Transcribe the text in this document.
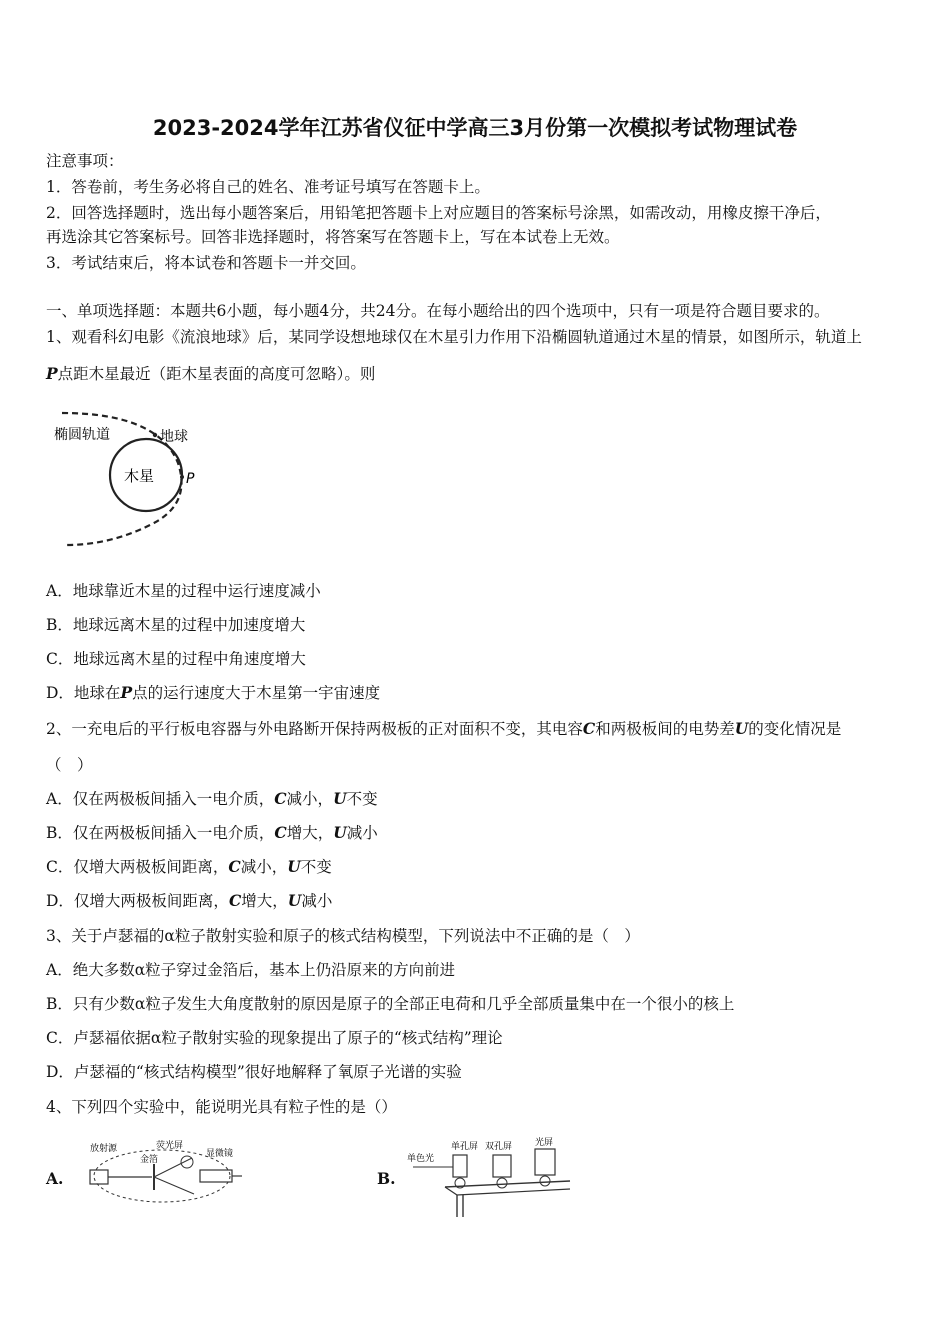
2023-2024学年江苏省仪征中学高三3月份第一次模拟考试物理试卷
注意事项：
1．答卷前，考生务必将自己的姓名、准考证号填写在答题卡上。
2．回答选择题时，选出每小题答案后，用铅笔把答题卡上对应题目的答案标号涂黑，如需改动，用橡皮擦干净后，
再选涂其它答案标号。回答非选择题时，将答案写在答题卡上，写在本试卷上无效。
3．考试结束后，将本试卷和答题卡一并交回。
一、单项选择题：本题共6小题，每小题4分，共24分。在每小题给出的四个选项中，只有一项是符合题目要求的。
1、观看科幻电影《流浪地球》后，某同学设想地球仅在木星引力作用下沿椭圆轨道通过木星的情景，如图所示，轨道上
P点距木星最近（距木星表面的高度可忽略）。则
木星
椭圆轨道	地球
P
A．地球靠近木星的过程中运行速度减小
B．地球远离木星的过程中加速度增大
C．地球远离木星的过程中角速度增大
D．地球在P点的运行速度大于木星第一宇宙速度
2、一充电后的平行板电容器与外电路断开保持两极板的正对面积不变，其电容C和两极板间的电势差U的变化情况是
（　）
A．仅在两极板间插入一电介质，C减小，U不变
B．仅在两极板间插入一电介质，C增大，U减小
C．仅增大两极板间距离，C减小，U不变
D．仅增大两极板间距离，C增大，U减小
3、关于卢瑟福的α粒子散射实验和原子的核式结构模型，下列说法中不正确的是（　）
A．绝大多数α粒子穿过金箔后，基本上仍沿原来的方向前进
B．只有少数α粒子发生大角度散射的原因是原子的全部正电荷和几乎全部质量集中在一个很小的核上
C．卢瑟福依据α粒子散射实验的现象提出了原子的“核式结构”理论
D．卢瑟福的“核式结构模型”很好地解释了氧原子光谱的实验
4、下列四个实验中，能说明光具有粒子性的是（）
A.
放射源	荧光屏
显微镜
金箔
B.
单色光
单孔屏 双孔屏	光屏
